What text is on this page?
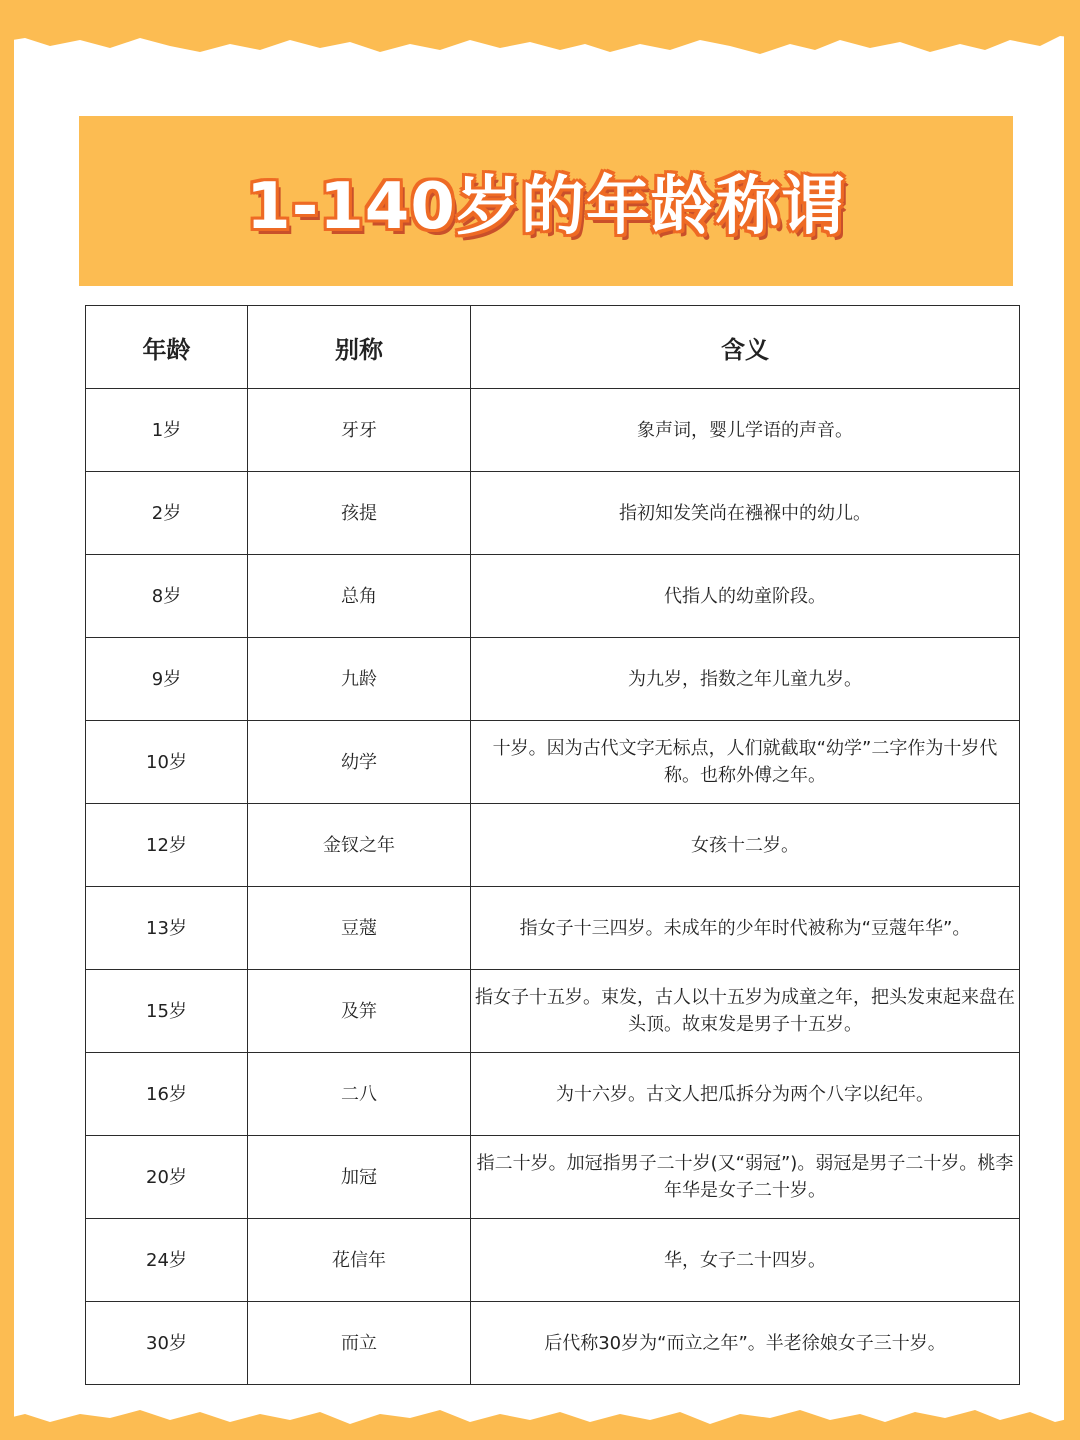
1-140岁的年龄称谓
年龄	别称	含义
1岁	牙牙	象声词，婴儿学语的声音。
2岁	孩提	指初知发笑尚在襁褓中的幼儿。
8岁	总角	代指人的幼童阶段。
9岁	九龄	为九岁，指数之年儿童九岁。
10岁	幼学	十岁。因为古代文字无标点，人们就截取“幼学”二字作为十岁代称。也称外傅之年。
12岁	金钗之年	女孩十二岁。
13岁	豆蔻	指女子十三四岁。未成年的少年时代被称为“豆蔻年华”。
15岁	及笄	指女子十五岁。束发，古人以十五岁为成童之年，把头发束起来盘在头顶。故束发是男子十五岁。
16岁	二八	为十六岁。古文人把瓜拆分为两个八字以纪年。
20岁	加冠	指二十岁。加冠指男子二十岁(又“弱冠”)。弱冠是男子二十岁。桃李年华是女子二十岁。
24岁	花信年	华，女子二十四岁。
30岁	而立	后代称30岁为“而立之年”。半老徐娘女子三十岁。
